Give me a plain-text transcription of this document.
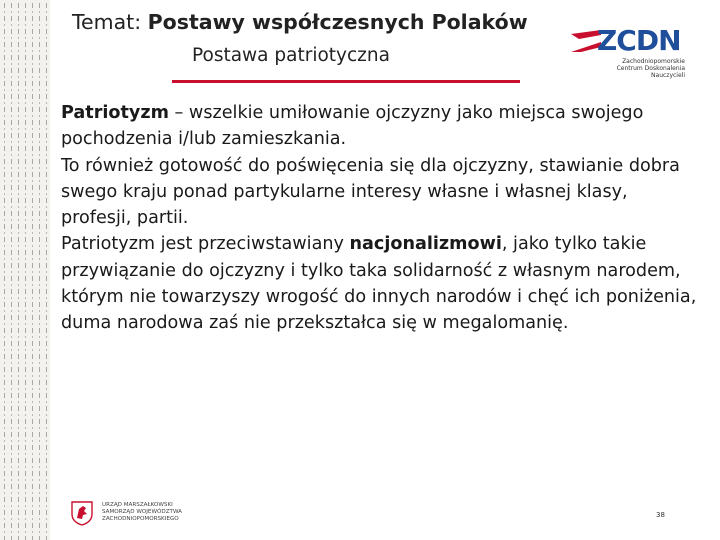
Temat: Postawy współczesnych Polaków
Postawa patriotyczna	ZCDN
Zachodniopomorskie
Centrum Doskonalenia Nauczycieli

Patriotyzm – wszelkie umiłowanie ojczyzny jako miejsca swojego pochodzenia i/lub zamieszkania.

To również gotowość do poświęcenia się dla ojczyzny, stawianie dobra swego kraju ponad partykularne interesy własne i własnej klasy, profesji, partii.

Patriotyzm jest przeciwstawiany nacjonalizmowi, jako tylko takie przywiązanie do ojczyzny i tylko taka solidarność z własnym narodem, którym nie towarzyszy wrogość do innych narodów i chęć ich poniżenia, duma narodowa zaś nie przekształca się w megalomanię.

URZĄD MARSZAŁKOWSKI
SAMORZĄD WOJEWÓDZTWA
ZACHODNIOPOMORSKIEGO	38
